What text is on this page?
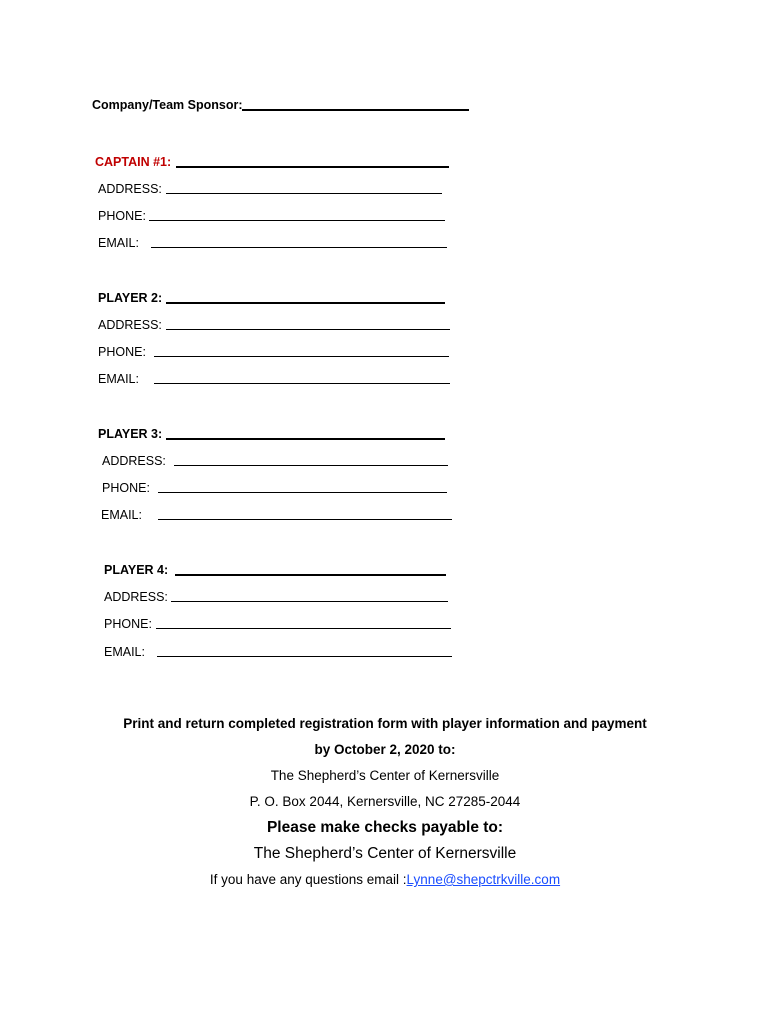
Company/Team Sponsor:
CAPTAIN #1:
ADDRESS:
PHONE:
EMAIL:
PLAYER 2:
ADDRESS:
PHONE:
EMAIL:
PLAYER 3:
ADDRESS:
PHONE:
EMAIL:
PLAYER 4:
ADDRESS:
PHONE:
EMAIL:
Print and return completed registration form with player information and payment
by October 2, 2020 to:
The Shepherd’s Center of Kernersville
P. O. Box 2044, Kernersville, NC 27285-2044
Please make checks payable to:
The Shepherd’s Center of Kernersville
If you have any questions email :Lynne@shepctrkville.com
